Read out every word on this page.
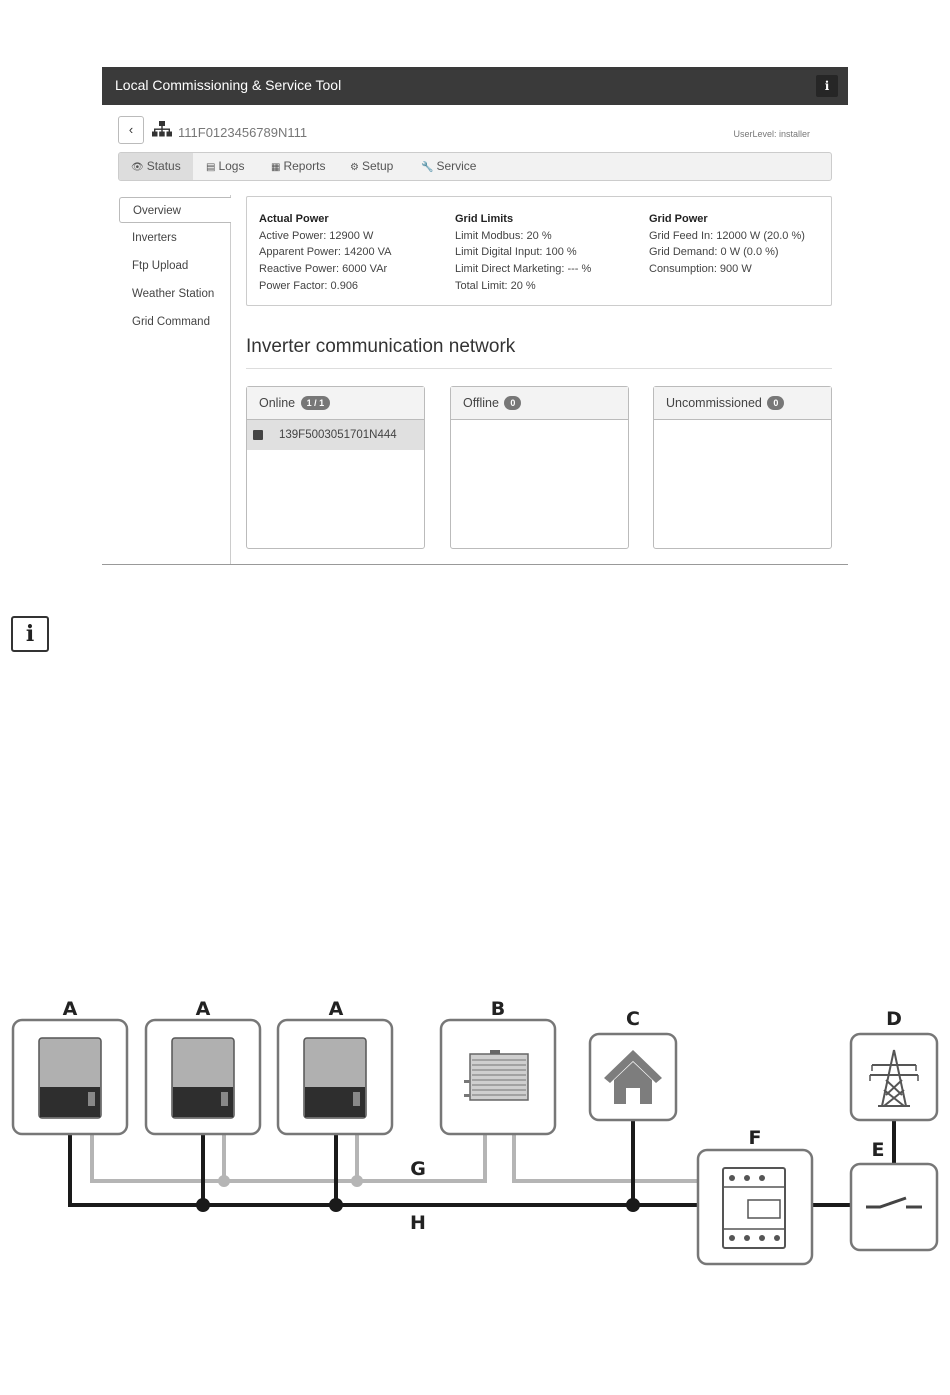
Local Commissioning & Service Tool	i
‹	111F0123456789N111	UserLevel: installer
👁 Status	▤ Logs	▦ Reports	⚙ Setup	🔧 Service
Overview
Inverters
Ftp Upload
Weather Station
Grid Command
Actual Power
Active Power: 12900 W
Apparent Power: 14200 VA
Reactive Power: 6000 VAr
Power Factor: 0.906
Grid Limits
Limit Modbus: 20 %
Limit Digital Input: 100 %
Limit Direct Marketing: --- %
Total Limit: 20 %
Grid Power
Grid Feed In: 12000 W (20.0 %)
Grid Demand: 0 W (0.0 %)
Consumption: 900 W
Inverter communication network
Online 1 / 1
139F5003051701N444
Offline 0	Uncommissioned 0
i
A	A	A	B	C	D
E
F
G
H
